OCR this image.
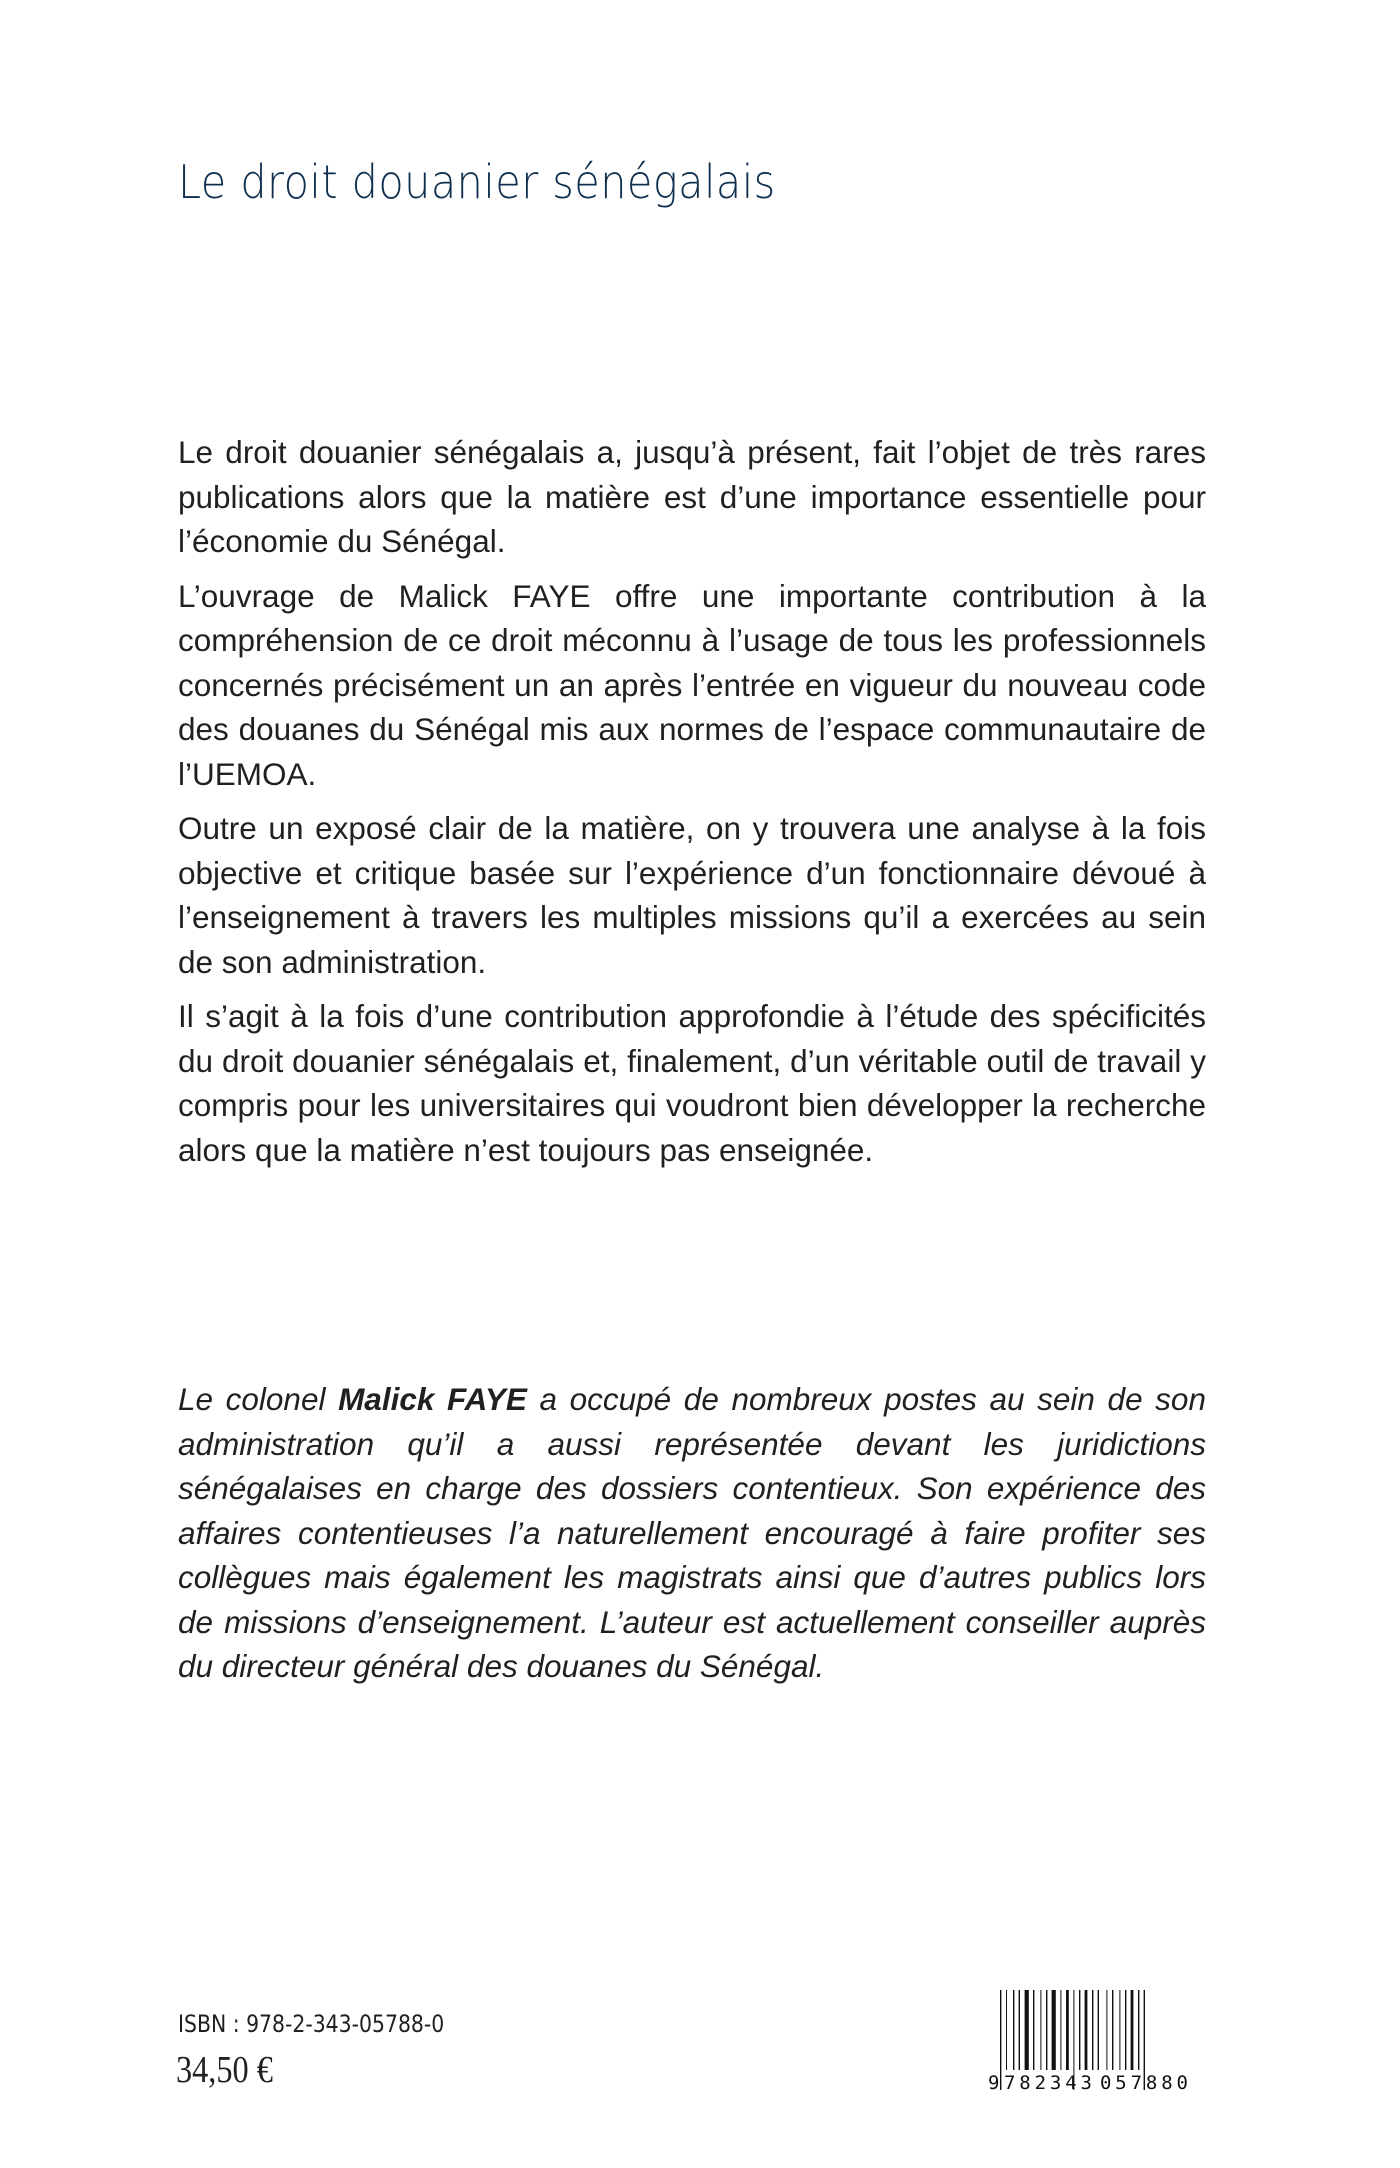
Le droit douanier sénégalais

Le droit douanier sénégalais a, jusqu’à présent, fait l’objet de très rares publications alors que la matière est d’une importance essentielle pour l’économie du Sénégal.

L’ouvrage de Malick FAYE offre une importante contribution à la compréhension de ce droit méconnu à l’usage de tous les professionnels concernés précisément un an après l’entrée en vigueur du nouveau code des douanes du Sénégal mis aux normes de l’espace communautaire de l’UEMOA.

Outre un exposé clair de la matière, on y trouvera une analyse à la fois objective et critique basée sur l’expérience d’un fonctionnaire dévoué à l’enseignement à travers les multiples missions qu’il a exercées au sein de son administration.

Il s’agit à la fois d’une contribution approfondie à l’étude des spécificités du droit douanier sénégalais et, finalement, d’un véritable outil de travail y compris pour les universitaires qui voudront bien développer la recherche alors que la matière n’est toujours pas enseignée.

Le colonel Malick FAYE a occupé de nombreux postes au sein de son administration qu’il a aussi représentée devant les juridictions sénégalaises en charge des dossiers contentieux. Son expérience des affaires contentieuses l’a naturellement encouragé à faire profiter ses collègues mais également les magistrats ainsi que d’autres publics lors de missions d’enseignement. L’auteur est actuellement conseiller auprès du directeur général des douanes du Sénégal.
ISBN : 978-2-343-05788-0
34,50 €	9 782343 057880
